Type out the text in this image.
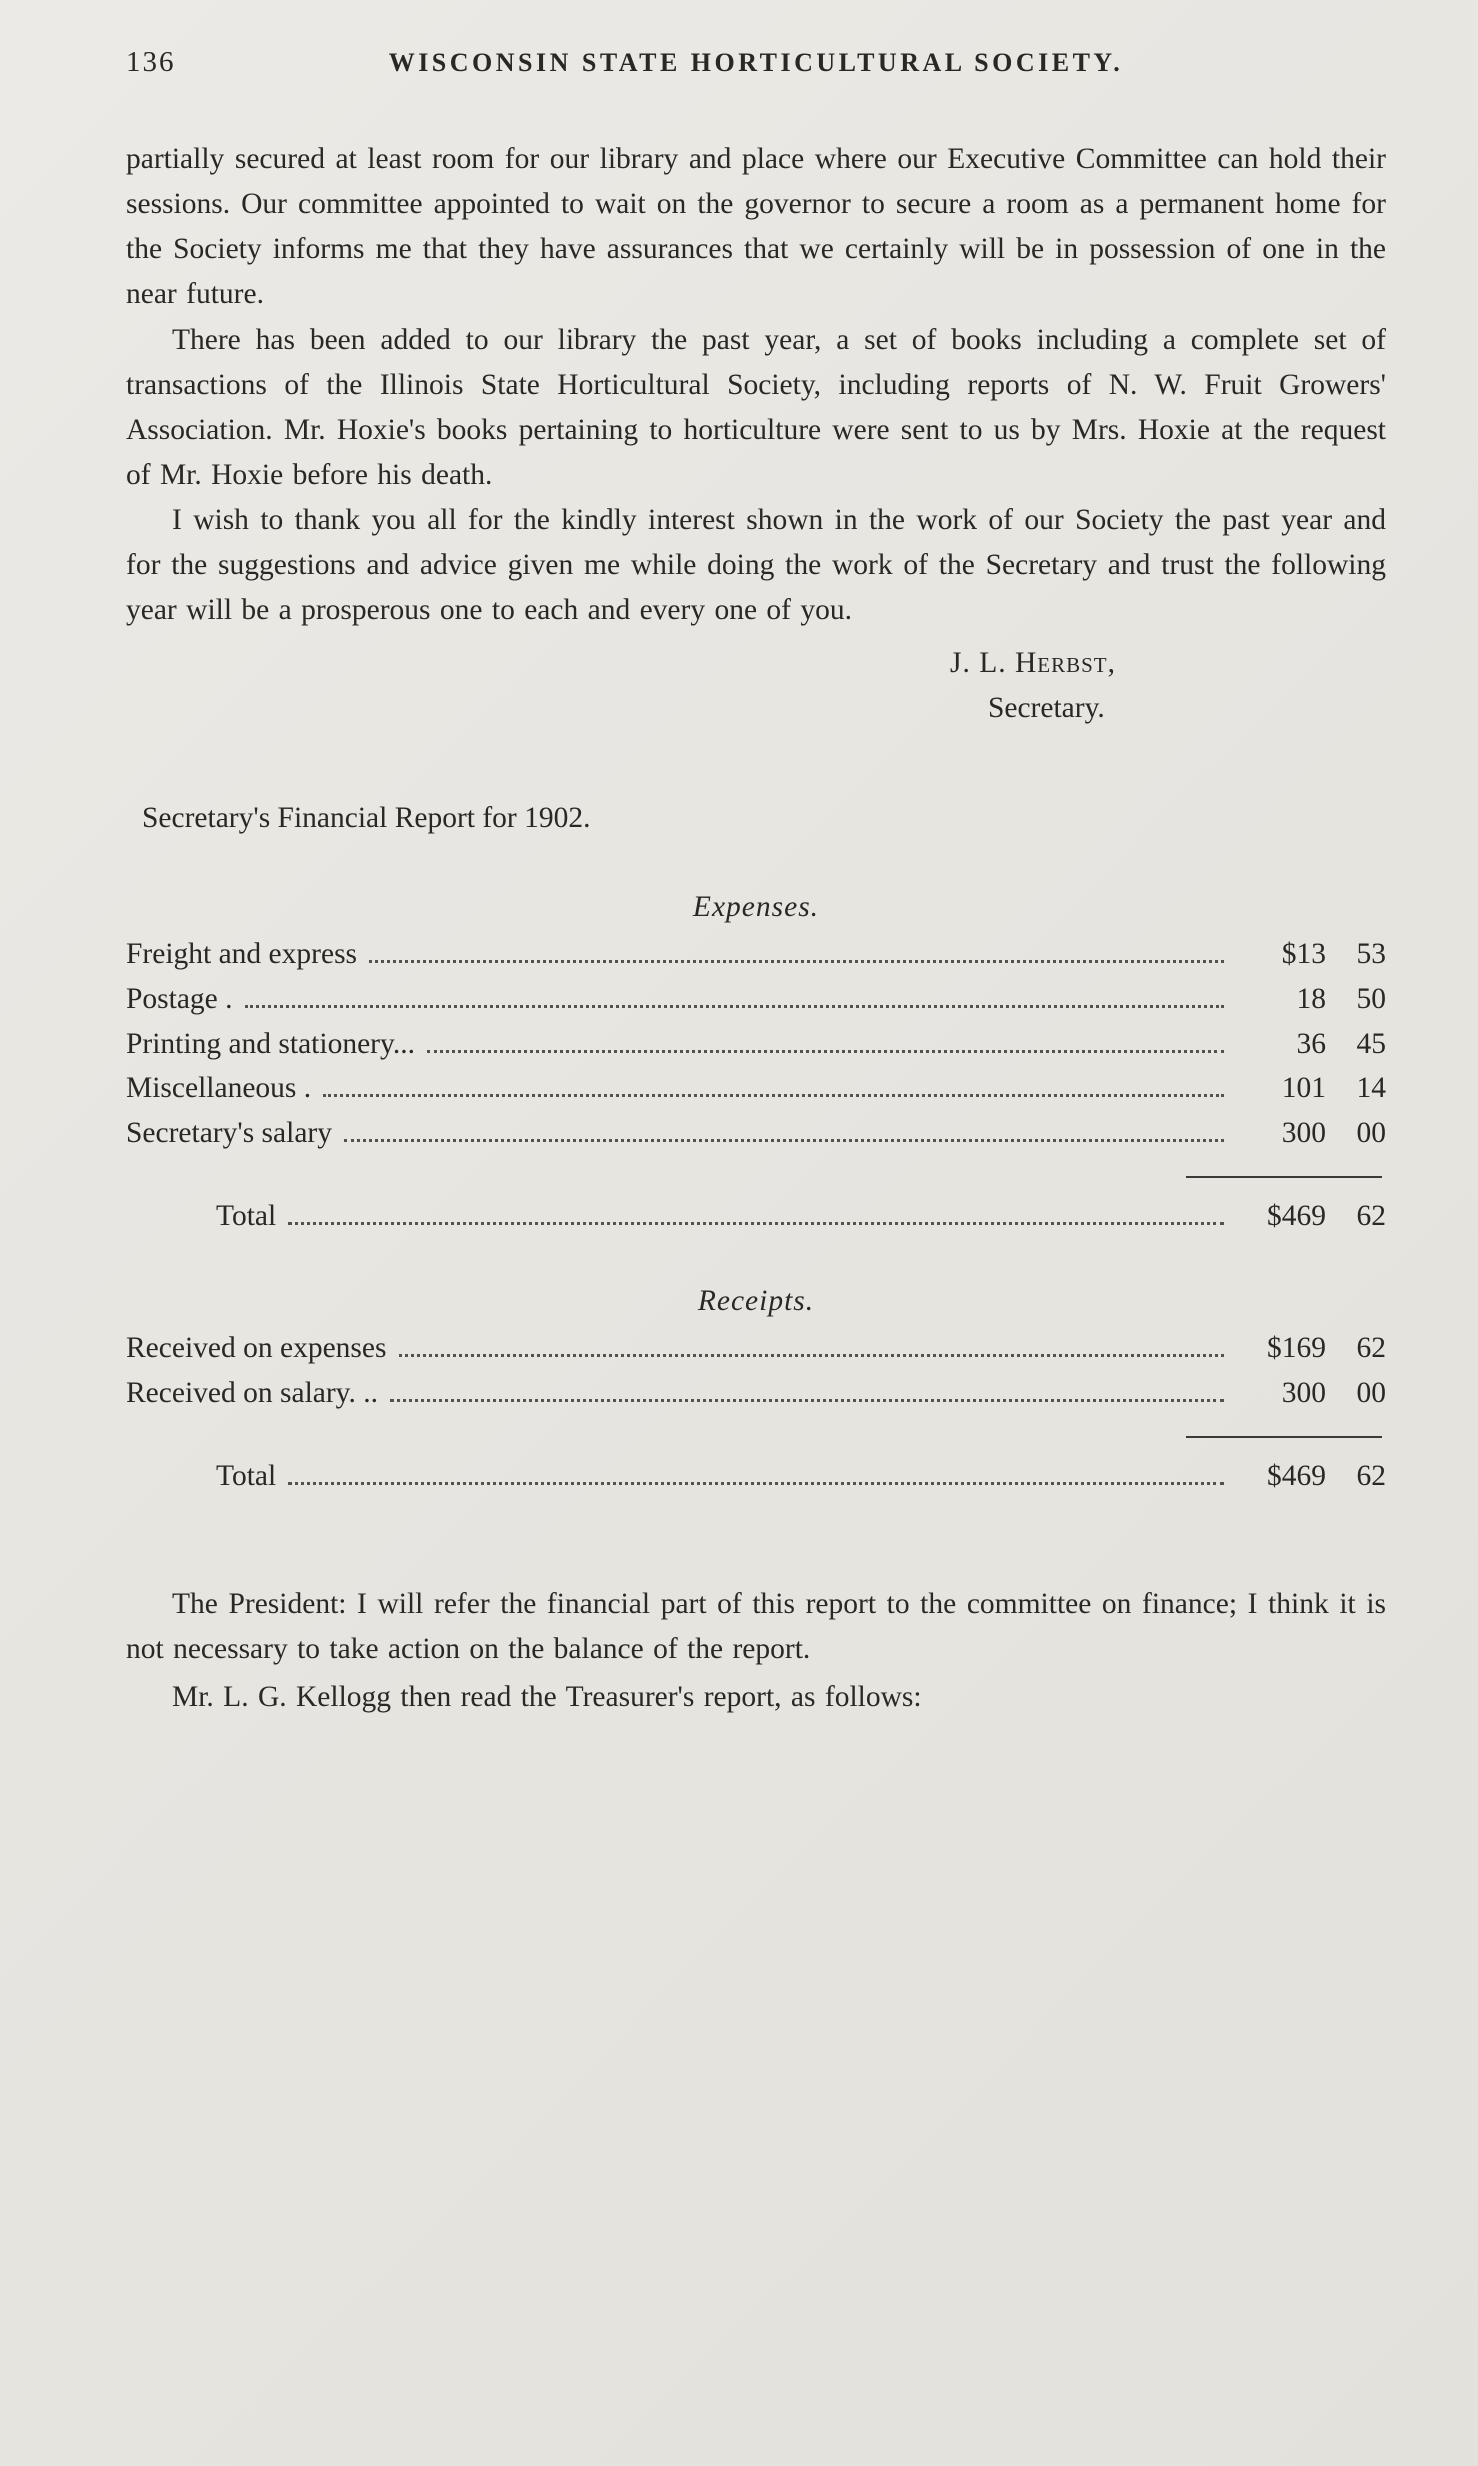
136	WISCONSIN STATE HORTICULTURAL SOCIETY.

partially secured at least room for our library and place where our Executive Committee can hold their sessions. Our committee appointed to wait on the governor to secure a room as a permanent home for the Society informs me that they have assurances that we certainly will be in possession of one in the near future.

There has been added to our library the past year, a set of books including a complete set of transactions of the Illinois State Horticultural Society, including reports of N. W. Fruit Growers' Association. Mr. Hoxie's books pertaining to horticulture were sent to us by Mrs. Hoxie at the request of Mr. Hoxie before his death.

I wish to thank you all for the kindly interest shown in the work of our Society the past year and for the suggestions and advice given me while doing the work of the Secretary and trust the following year will be a prosperous one to each and every one of you.

J. L. Herbst,
Secretary.
Secretary's Financial Report for 1902.
Expenses.
Freight and express	$13	53
Postage .	18	50
Printing and stationery...	36	45
Miscellaneous .	101	14
Secretary's salary	300	00
Total	$469	62
Receipts.
Received on expenses	$169	62
Received on salary. ..	300	00
Total	$469	62

The President: I will refer the financial part of this report to the committee on finance; I think it is not necessary to take action on the balance of the report.

Mr. L. G. Kellogg then read the Treasurer's report, as follows:
